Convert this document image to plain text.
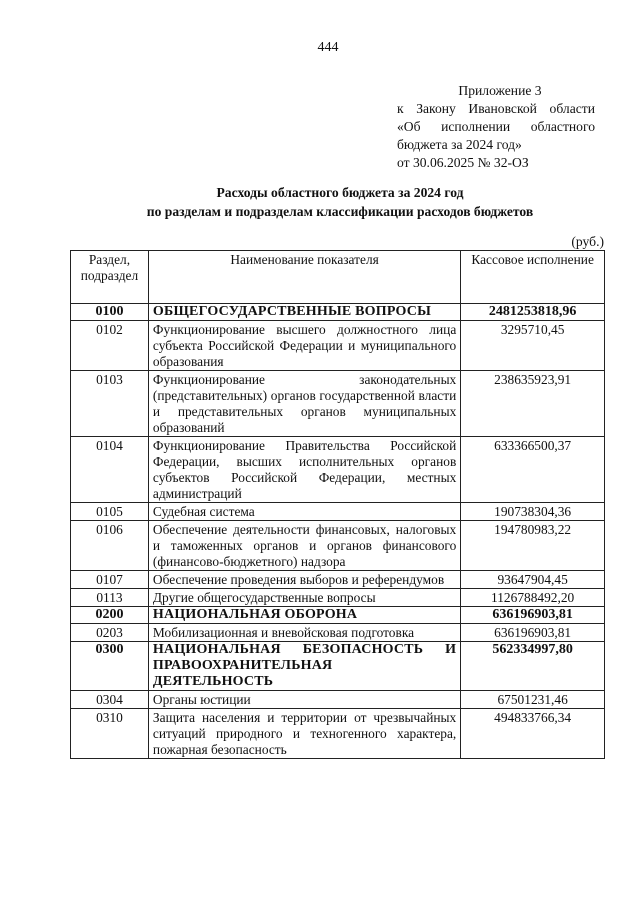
444
Приложение 3
к Закону Ивановской области
«Об исполнении областного
бюджета за 2024 год»
от 30.06.2025 № 32-ОЗ
Расходы областного бюджета за 2024 год
по разделам и подразделам классификации расходов бюджетов
(руб.)
Раздел, подраздел	Наименование показателя	Кассовое исполнение
0100	ОБЩЕГОСУДАРСТВЕННЫЕ ВОПРОСЫ	2481253818,96
0102	Функционирование высшего должностного лица субъекта Российской Федерации и муниципального образования	3295710,45
0103	Функционирование законодательных (представительных) органов государственной власти и представительных органов муниципальных образований	238635923,91
0104	Функционирование Правительства Российской Федерации, высших исполнительных органов субъектов Российской Федерации, местных администраций	633366500,37
0105	Судебная система	190738304,36
0106	Обеспечение деятельности финансовых, налоговых и таможенных органов и органов финансового (финансово-бюджетного) надзора	194780983,22
0107	Обеспечение проведения выборов и референдумов	93647904,45
0113	Другие общегосударственные вопросы	1126788492,20
0200	НАЦИОНАЛЬНАЯ ОБОРОНА	636196903,81
0203	Мобилизационная и вневойсковая подготовка	636196903,81
0300	НАЦИОНАЛЬНАЯ БЕЗОПАСНОСТЬ И ПРАВООХРАНИТЕЛЬНАЯ ДЕЯТЕЛЬНОСТЬ	562334997,80
0304	Органы юстиции	67501231,46
0310	Защита населения и территории от чрезвычайных ситуаций природного и техногенного характера, пожарная безопасность	494833766,34
